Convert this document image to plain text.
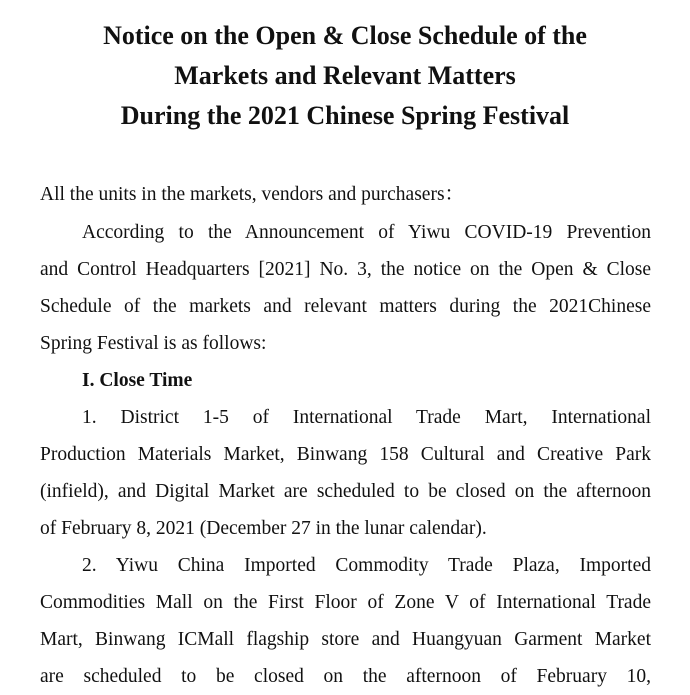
Notice on the Open & Close Schedule of the
Markets and Relevant Matters
During the 2021 Chinese Spring Festival

All the units in the markets, vendors and purchasers：

According to the Announcement of Yiwu COVID-19 Prevention

and Control Headquarters [2021] No. 3, the notice on the Open & Close

Schedule of the markets and relevant matters during the 2021Chinese

Spring Festival is as follows:

I. Close Time

1. District 1-5 of International Trade Mart, International

Production Materials Market, Binwang 158 Cultural and Creative Park

(infield), and Digital Market are scheduled to be closed on the afternoon

of February 8, 2021 (December 27 in the lunar calendar).

2. Yiwu China Imported Commodity Trade Plaza, Imported

Commodities Mall on the First Floor of Zone V of International Trade

Mart, Binwang ICMall flagship store and Huangyuan Garment Market

are scheduled to be closed on the afternoon of February 10,
